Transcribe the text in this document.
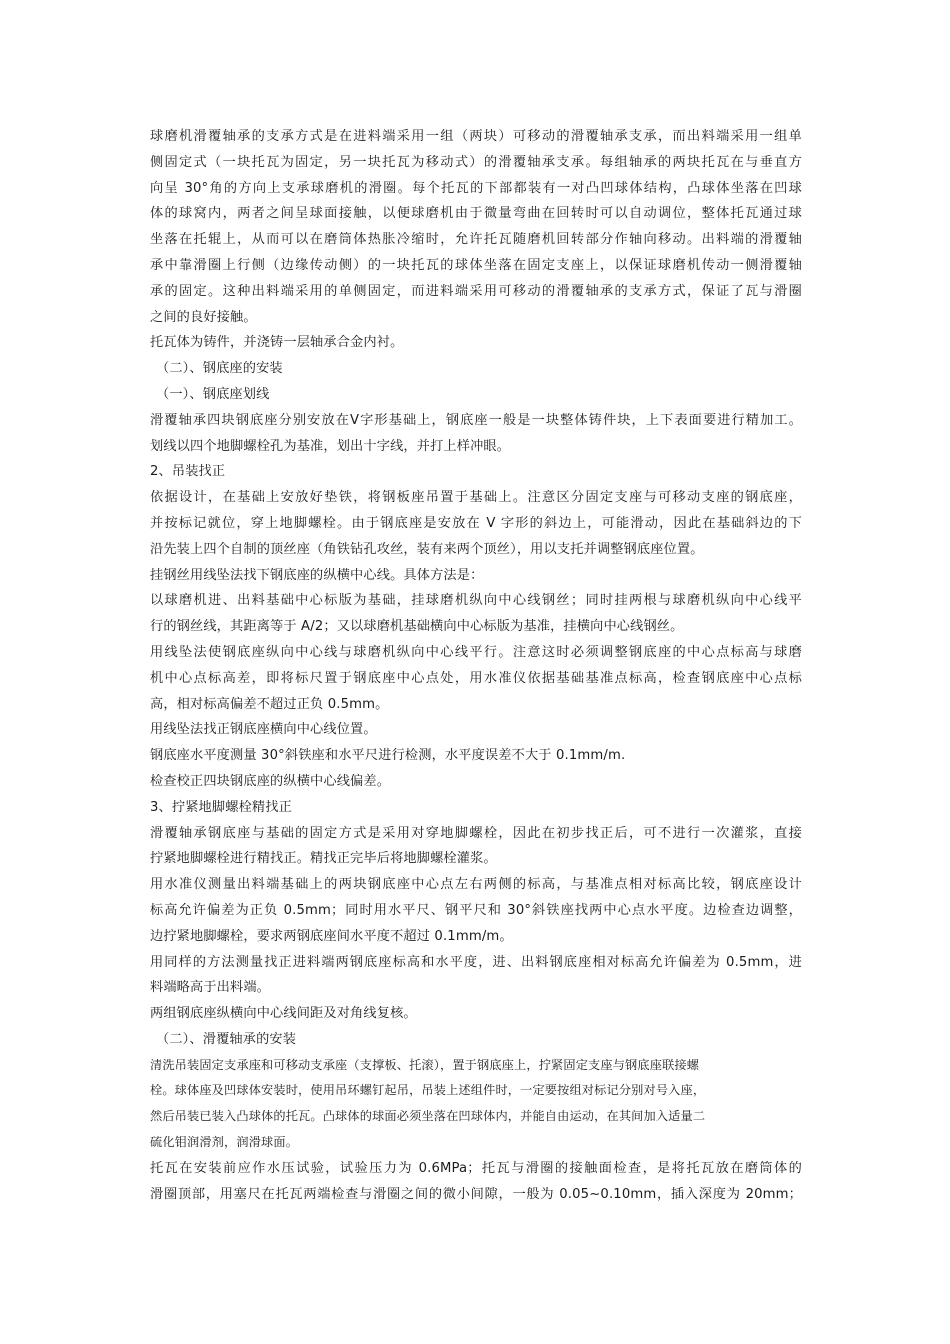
球磨机滑覆轴承的支承方式是在进料端采用一组（两块）可移动的滑覆轴承支承，而出料端采用一组单
侧固定式（一块托瓦为固定，另一块托瓦为移动式）的滑覆轴承支承。每组轴承的两块托瓦在与垂直方
向呈 30°角的方向上支承球磨机的滑圈。每个托瓦的下部都装有一对凸凹球体结构，凸球体坐落在凹球
体的球窝内，两者之间呈球面接触，以便球磨机由于微量弯曲在回转时可以自动调位，整体托瓦通过球
坐落在托辊上，从而可以在磨筒体热胀冷缩时，允许托瓦随磨机回转部分作轴向移动。出料端的滑覆轴
承中靠滑圈上行侧（边缘传动侧）的一块托瓦的球体坐落在固定支座上，以保证球磨机传动一侧滑覆轴
承的固定。这种出料端采用的单侧固定，而进料端采用可移动的滑覆轴承的支承方式，保证了瓦与滑圈
之间的良好接触。
托瓦体为铸件，并浇铸一层轴承合金内衬。
（二）、钢底座的安装
（一）、钢底座划线
滑覆轴承四块钢底座分别安放在V字形基础上，钢底座一般是一块整体铸件块，上下表面要进行精加工。
划线以四个地脚螺栓孔为基准，划出十字线，并打上样冲眼。
2、吊装找正
依据设计，在基础上安放好垫铁，将钢板座吊置于基础上。注意区分固定支座与可移动支座的钢底座，
并按标记就位，穿上地脚螺栓。由于钢底座是安放在 V 字形的斜边上，可能滑动，因此在基础斜边的下
沿先装上四个自制的顶丝座（角铁钻孔攻丝，装有来两个顶丝），用以支托并调整钢底座位置。
挂钢丝用线坠法找下钢底座的纵横中心线。具体方法是：
以球磨机进、出料基础中心标版为基础，挂球磨机纵向中心线钢丝；同时挂两根与球磨机纵向中心线平
行的钢丝线，其距离等于 A/2；又以球磨机基础横向中心标版为基准，挂横向中心线钢丝。
用线坠法使钢底座纵向中心线与球磨机纵向中心线平行。注意这时必须调整钢底座的中心点标高与球磨
机中心点标高差，即将标尺置于钢底座中心点处，用水准仪依据基础基准点标高，检查钢底座中心点标
高，相对标高偏差不超过正负 0.5mm。
用线坠法找正钢底座横向中心线位置。
钢底座水平度测量 30°斜铁座和水平尺进行检测，水平度误差不大于 0.1mm/m.
检查校正四块钢底座的纵横中心线偏差。
3、拧紧地脚螺栓精找正
滑覆轴承钢底座与基础的固定方式是采用对穿地脚螺栓，因此在初步找正后，可不进行一次灌浆，直接
拧紧地脚螺栓进行精找正。精找正完毕后将地脚螺栓灌浆。
用水准仪测量出料端基础上的两块钢底座中心点左右两侧的标高，与基准点相对标高比较，钢底座设计
标高允许偏差为正负 0.5mm；同时用水平尺、钢平尺和 30°斜铁座找两中心点水平度。边检查边调整，
边拧紧地脚螺栓，要求两钢底座间水平度不超过 0.1mm/m。
用同样的方法测量找正进料端两钢底座标高和水平度，进、出料钢底座相对标高允许偏差为 0.5mm，进
料端略高于出料端。
两组钢底座纵横向中心线间距及对角线复核。
（二）、滑覆轴承的安装
清洗吊装固定支承座和可移动支承座（支撑板、托滚），置于钢底座上，拧紧固定支座与钢底座联接螺
栓。球体座及凹球体安装时，使用吊环螺钉起吊，吊装上述组件时，一定要按组对标记分别对号入座，
然后吊装已装入凸球体的托瓦。凸球体的球面必须坐落在凹球体内，并能自由运动，在其间加入适量二
硫化钼润滑剂，润滑球面。
托瓦在安装前应作水压试验，试验压力为 0.6MPa；托瓦与滑圈的接触面检查，是将托瓦放在磨筒体的
滑圈顶部，用塞尺在托瓦两端检查与滑圈之间的微小间隙，一般为 0.05~0.10mm，插入深度为 20mm；
